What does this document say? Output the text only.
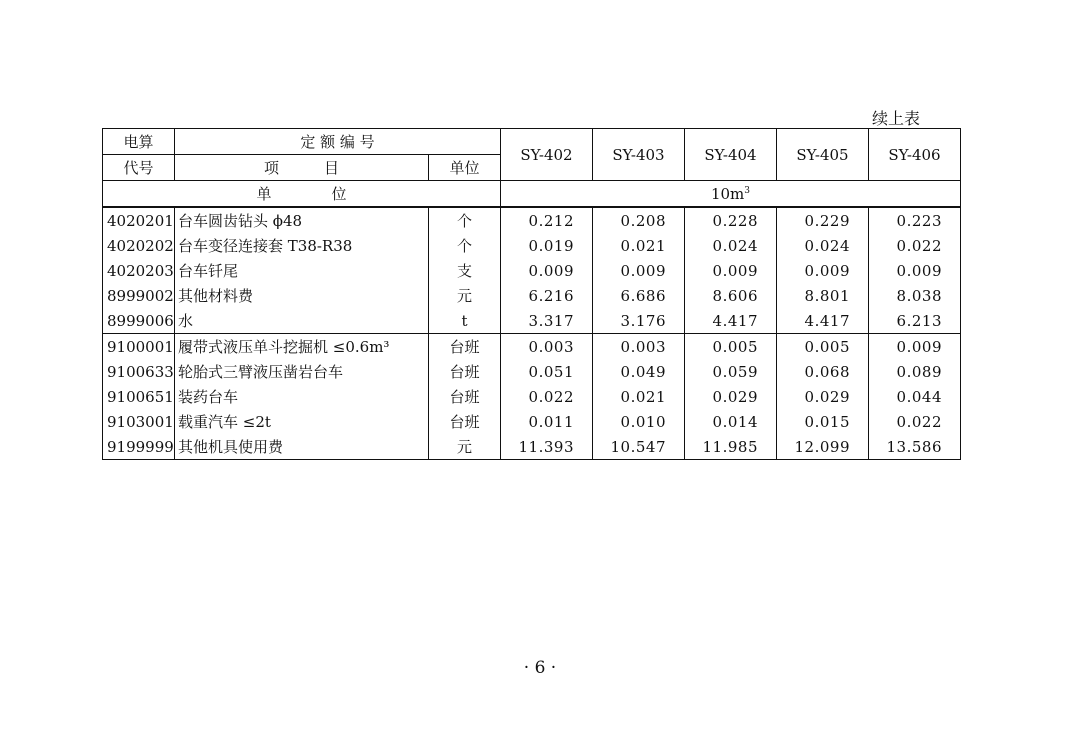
续上表
电算	定 额 编 号		SY-402	SY-403	SY-404	SY-405	SY-406
代号	项　　　目	单位					
单　　　　位			$10m^3$
4020201	台车圆齿钻头 ϕ48	个	0.212	0.208	0.228	0.229	0.223
4020202	台车变径连接套 T38-R38	个	0.019	0.021	0.024	0.024	0.022
4020203	台车钎尾	支	0.009	0.009	0.009	0.009	0.009
8999002	其他材料费	元	6.216	6.686	8.606	8.801	8.038
8999006	水	t	3.317	3.176	4.417	4.417	6.213
9100001	履带式液压单斗挖掘机 ≤0.6m³	台班	0.003	0.003	0.005	0.005	0.009
9100633	轮胎式三臂液压凿岩台车	台班	0.051	0.049	0.059	0.068	0.089
9100651	装药台车	台班	0.022	0.021	0.029	0.029	0.044
9103001	载重汽车 ≤2t	台班	0.011	0.010	0.014	0.015	0.022
9199999	其他机具使用费	元	11.393	10.547	11.985	12.099	13.586
· 6 ·
